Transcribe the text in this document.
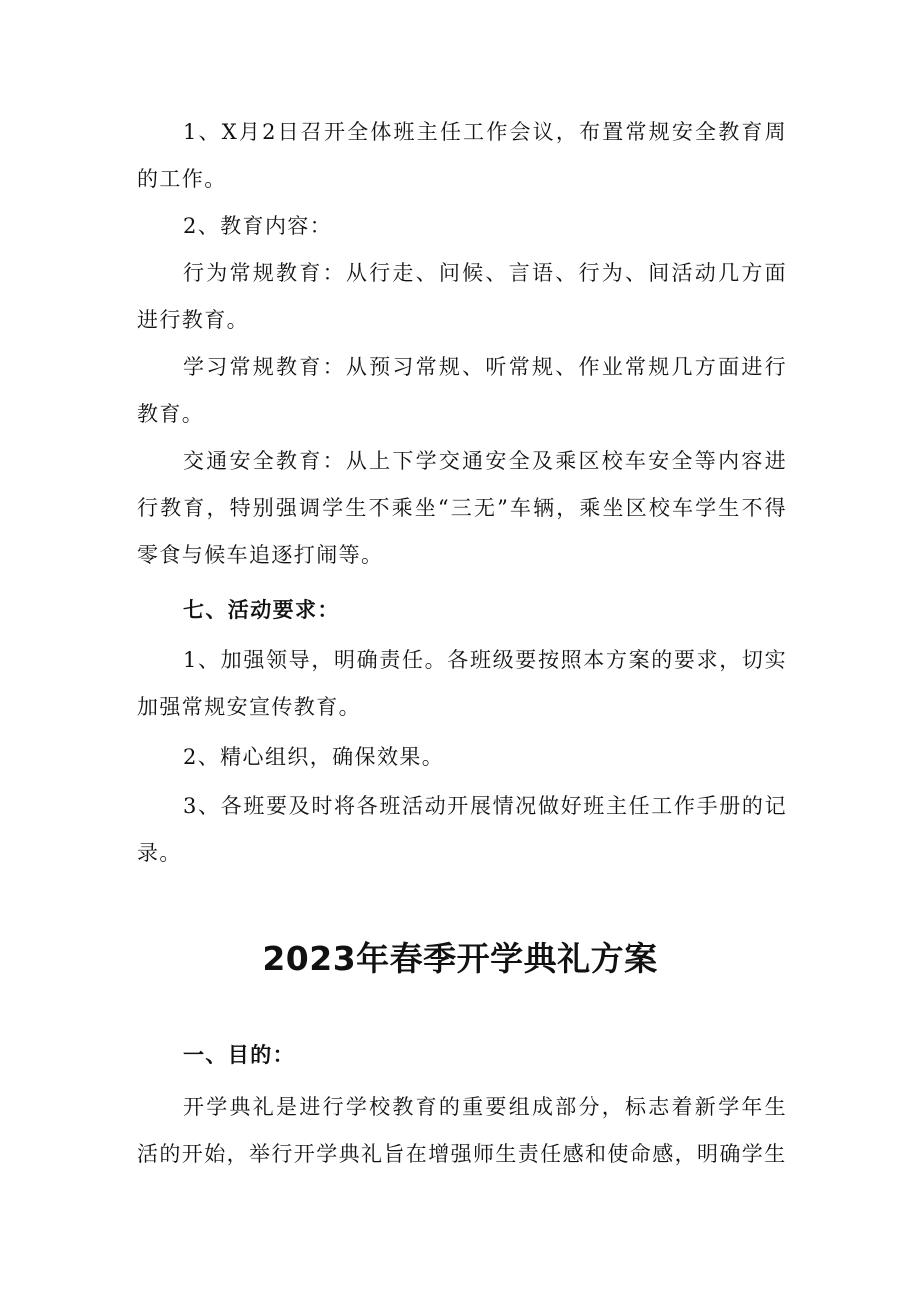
1、X月2日召开全体班主任工作会议，布置常规安全教育周的工作。

2、教育内容：

行为常规教育：从行走、问候、言语、行为、间活动几方面进行教育。

学习常规教育：从预习常规、听常规、作业常规几方面进行教育。

交通安全教育：从上下学交通安全及乘区校车安全等内容进行教育，特别强调学生不乘坐“三无”车辆，乘坐区校车学生不得零食与候车追逐打闹等。

七、活动要求：

1、加强领导，明确责任。各班级要按照本方案的要求，切实加强常规安宣传教育。

2、精心组织，确保效果。

3、各班要及时将各班活动开展情况做好班主任工作手册的记录。

2023年春季开学典礼方案

一、目的：

开学典礼是进行学校教育的重要组成部分，标志着新学年生活的开始，举行开学典礼旨在增强师生责任感和使命感，明确学生
